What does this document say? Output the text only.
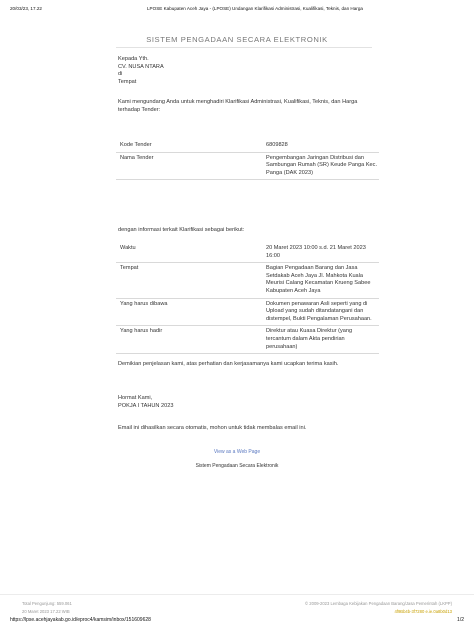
20/03/23, 17.22	LPOSE Kabupaten Aceh Jaya - (LPOSE) Undangan Klarifikasi Administrasi, Kualifikasi, Teknis, dan Harga
SISTEM PENGADAAN SECARA ELEKTRONIK
Kepada Yth.
CV. NUSA NTARA
di
Tempat
Kami mengundang Anda untuk menghadiri Klarifikasi Administrasi, Kualifikasi, Teknis, dan Harga terhadap Tender:
Kode Tender	6809828
Nama Tender	Pengembangan Jaringan Distribusi dan Sambungan Rumah (SR) Keude Panga Kec. Panga (DAK 2023)
dengan informasi terkait Klarifikasi sebagai berikut:
Waktu	20 Maret 2023 10:00 s.d. 21 Maret 2023 16:00
Tempat	Bagian Pengadaan Barang dan Jasa Setdakab Aceh Jaya Jl. Mahkota Kuala Meurisi Calang Kecamatan Krueng Sabee Kabupaten Aceh Jaya
Yang harus dibawa	Dokumen penawaran Asli seperti yang di Upload yang sudah ditandatangani dan distempel, Bukti Pengalaman Perusahaan.
Yang harus hadir	Direktur atau Kuasa Direktur (yang tercantum dalam Akta pendirian perusahaan)
Demikian penjelasan kami, atas perhatian dan kerjasamanya kami ucapkan terima kasih.
Hormat Kami,
POKJA I TAHUN 2023
Email ini dihasilkan secara otomatis, mohon untuk tidak membalas email ini.
View as a Web Page
Sistem Pengadaan Secara Elektronik
Total Pengunjung: 559.061
20 Maret 2023 17.22 WIB
© 2009-2023 Lembaga Kebijakan Pengadaan Barang/Jasa Pemerintah (LKPP)
4f9Bb4b-3f7280 e.ie.0a8b0d13
https://lpse.acehjayakab.go.id/eproc4/kamsim/inbox/151609628	1/2
